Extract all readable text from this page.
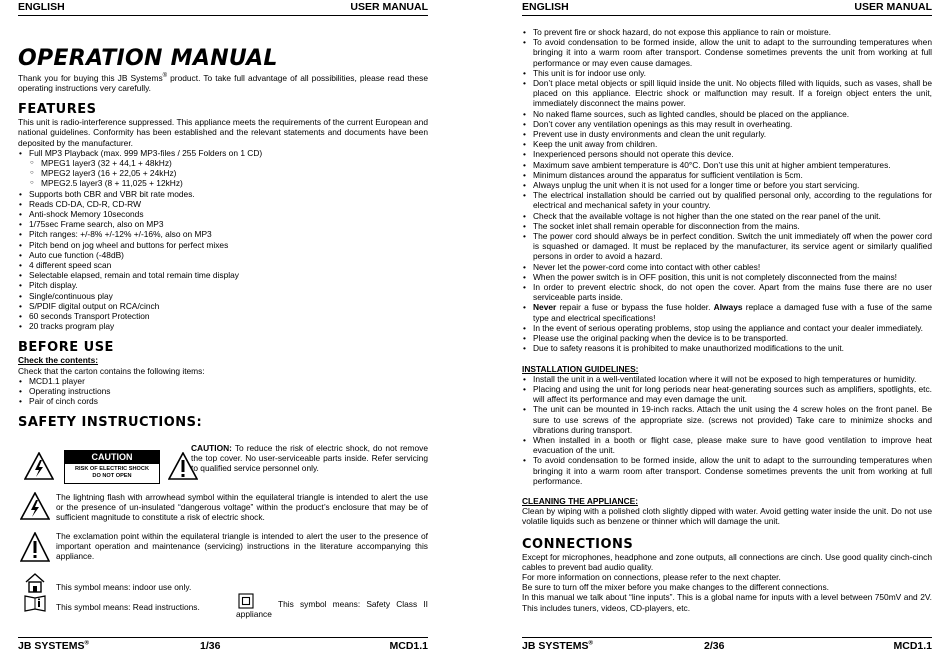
ENGLISH	USER MANUAL
OPERATION MANUAL

Thank you for buying this JB Systems® product. To take full advantage of all possibilities, please read these operating instructions very carefully.

FEATURES

This unit is radio-interference suppressed. This appliance meets the requirements of the current European and national guidelines. Conformity has been established and the relevant statements and documents have been deposited by the manufacturer.

• Full MP3 Playback (max. 999 MP3-files / 255 Folders on 1 CD)
○ MPEG1 layer3 (32 + 44,1 + 48kHz)
○ MPEG2 layer3 (16 + 22,05 + 24kHz)
○ MPEG2.5 layer3 (8 + 11,025 + 12kHz)
• Supports both CBR and VBR bit rate modes.
• Reads CD-DA, CD-R, CD-RW
• Anti-shock Memory 10seconds
• 1/75sec Frame search, also on MP3
• Pitch ranges: +/-8% +/-12% +/-16%, also on MP3
• Pitch bend on jog wheel and buttons for perfect mixes
• Auto cue function (-48dB)
• 4 different speed scan
• Selectable elapsed, remain and total remain time display
• Pitch display.
• Single/continuous play
• S/PDIF digital output on RCA/cinch
• 60 seconds Transport Protection
• 20 tracks program play
BEFORE USE

Check the contents:

Check that the carton contains the following items:

• MCD1.1 player
• Operating instructions
• Pair of cinch cords
SAFETY INSTRUCTIONS:
CAUTION
RISK OF ELECTRIC SHOCK
DO NOT OPEN
CAUTION: To reduce the risk of electric shock, do not remove the top cover. No user-serviceable parts inside. Refer servicing to qualified service personnel only.
The lightning flash with arrowhead symbol within the equilateral triangle is intended to alert the use or the presence of un-insulated “dangerous voltage” within the product’s enclosure that may be of sufficient magnitude to constitute a risk of electric shock.
The exclamation point within the equilateral triangle is intended to alert the user to the presence of important operation and maintenance (servicing) instructions in the literature accompanying this appliance.
This symbol means: indoor use only.
This symbol means: Read instructions.	This symbol means: Safety Class II appliance
JB SYSTEMS®	1/36	MCD1.1
ENGLISH	USER MANUAL
• To prevent fire or shock hazard, do not expose this appliance to rain or moisture.
• To avoid condensation to be formed inside, allow the unit to adapt to the surrounding temperatures when bringing it into a warm room after transport. Condense sometimes prevents the unit from working at full performance or may even cause damages.
• This unit is for indoor use only.
• Don’t place metal objects or spill liquid inside the unit. No objects filled with liquids, such as vases, shall be placed on this appliance. Electric shock or malfunction may result. If a foreign object enters the unit, immediately disconnect the mains power.
• No naked flame sources, such as lighted candles, should be placed on the appliance.
• Don’t cover any ventilation openings as this may result in overheating.
• Prevent use in dusty environments and clean the unit regularly.
• Keep the unit away from children.
• Inexperienced persons should not operate this device.
• Maximum save ambient temperature is 40°C. Don’t use this unit at higher ambient temperatures.
• Minimum distances around the apparatus for sufficient ventilation is 5cm.
• Always unplug the unit when it is not used for a longer time or before you start servicing.
• The electrical installation should be carried out by qualified personal only, according to the regulations for electrical and mechanical safety in your country.
• Check that the available voltage is not higher than the one stated on the rear panel of the unit.
• The socket inlet shall remain operable for disconnection from the mains.
• The power cord should always be in perfect condition. Switch the unit immediately off when the power cord is squashed or damaged. It must be replaced by the manufacturer, its service agent or similarly qualified persons in order to avoid a hazard.
• Never let the power-cord come into contact with other cables!
• When the power switch is in OFF position, this unit is not completely disconnected from the mains!
• In order to prevent electric shock, do not open the cover. Apart from the mains fuse there are no user serviceable parts inside.
• Never repair a fuse or bypass the fuse holder. Always replace a damaged fuse with a fuse of the same type and electrical specifications!
• In the event of serious operating problems, stop using the appliance and contact your dealer immediately.
• Please use the original packing when the device is to be transported.
• Due to safety reasons it is prohibited to make unauthorized modifications to the unit.

INSTALLATION GUIDELINES:

• Install the unit in a well-ventilated location where it will not be exposed to high temperatures or humidity.
• Placing and using the unit for long periods near heat-generating sources such as amplifiers, spotlights, etc. will affect its performance and may even damage the unit.
• The unit can be mounted in 19-inch racks. Attach the unit using the 4 screw holes on the front panel. Be sure to use screws of the appropriate size. (screws not provided) Take care to minimize shocks and vibrations during transport.
• When installed in a booth or flight case, please make sure to have good ventilation to improve heat evacuation of the unit.
• To avoid condensation to be formed inside, allow the unit to adapt to the surrounding temperatures when bringing it into a warm room after transport. Condense sometimes prevents the unit from working at full performance.

CLEANING THE APPLIANCE:

Clean by wiping with a polished cloth slightly dipped with water. Avoid getting water inside the unit. Do not use volatile liquids such as benzene or thinner which will damage the unit.

CONNECTIONS

Except for microphones, headphone and zone outputs, all connections are cinch. Use good quality cinch-cinch cables to prevent bad audio quality.

For more information on connections, please refer to the next chapter.

Be sure to turn off the mixer before you make changes to the different connections.

In this manual we talk about “line inputs”. This is a global name for inputs with a level between 750mV and 2V. This includes tuners, videos, CD-players, etc.

JB SYSTEMS®	2/36	MCD1.1
